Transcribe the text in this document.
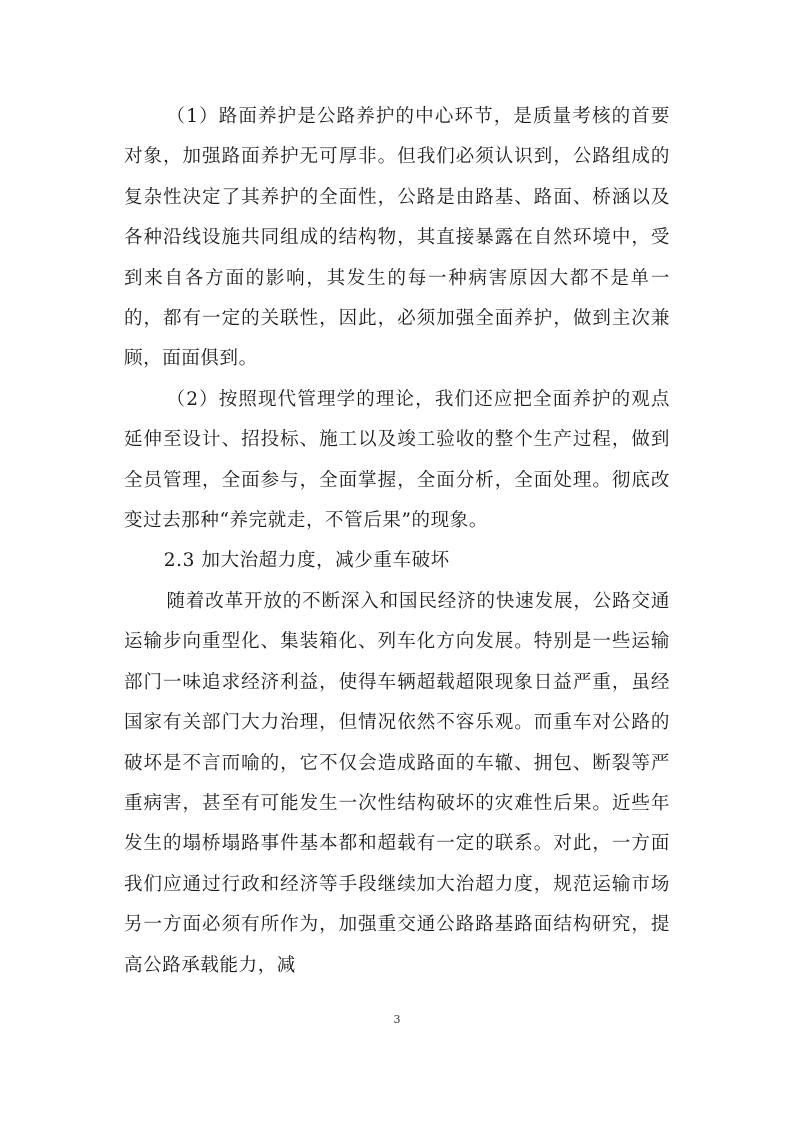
（1）路面养护是公路养护的中心环节，是质量考核的首要对象，加强路面养护无可厚非。但我们必须认识到，公路组成的复杂性决定了其养护的全面性，公路是由路基、路面、桥涵以及各种沿线设施共同组成的结构物，其直接暴露在自然环境中，受到来自各方面的影响，其发生的每一种病害原因大都不是单一的，都有一定的关联性，因此，必须加强全面养护，做到主次兼顾，面面俱到。

（2）按照现代管理学的理论，我们还应把全面养护的观点延伸至设计、招投标、施工以及竣工验收的整个生产过程，做到全员管理，全面参与，全面掌握，全面分析，全面处理。彻底改变过去那种“养完就走，不管后果”的现象。

2.3 加大治超力度，减少重车破坏

随着改革开放的不断深入和国民经济的快速发展，公路交通运输步向重型化、集装箱化、列车化方向发展。特别是一些运输部门一味追求经济利益，使得车辆超载超限现象日益严重，虽经国家有关部门大力治理，但情况依然不容乐观。而重车对公路的破坏是不言而喻的，它不仅会造成路面的车辙、拥包、断裂等严重病害，甚至有可能发生一次性结构破坏的灾难性后果。近些年发生的塌桥塌路事件基本都和超载有一定的联系。对此，一方面我们应通过行政和经济等手段继续加大治超力度，规范运输市场另一方面必须有所作为，加强重交通公路路基路面结构研究，提高公路承载能力，减

3
